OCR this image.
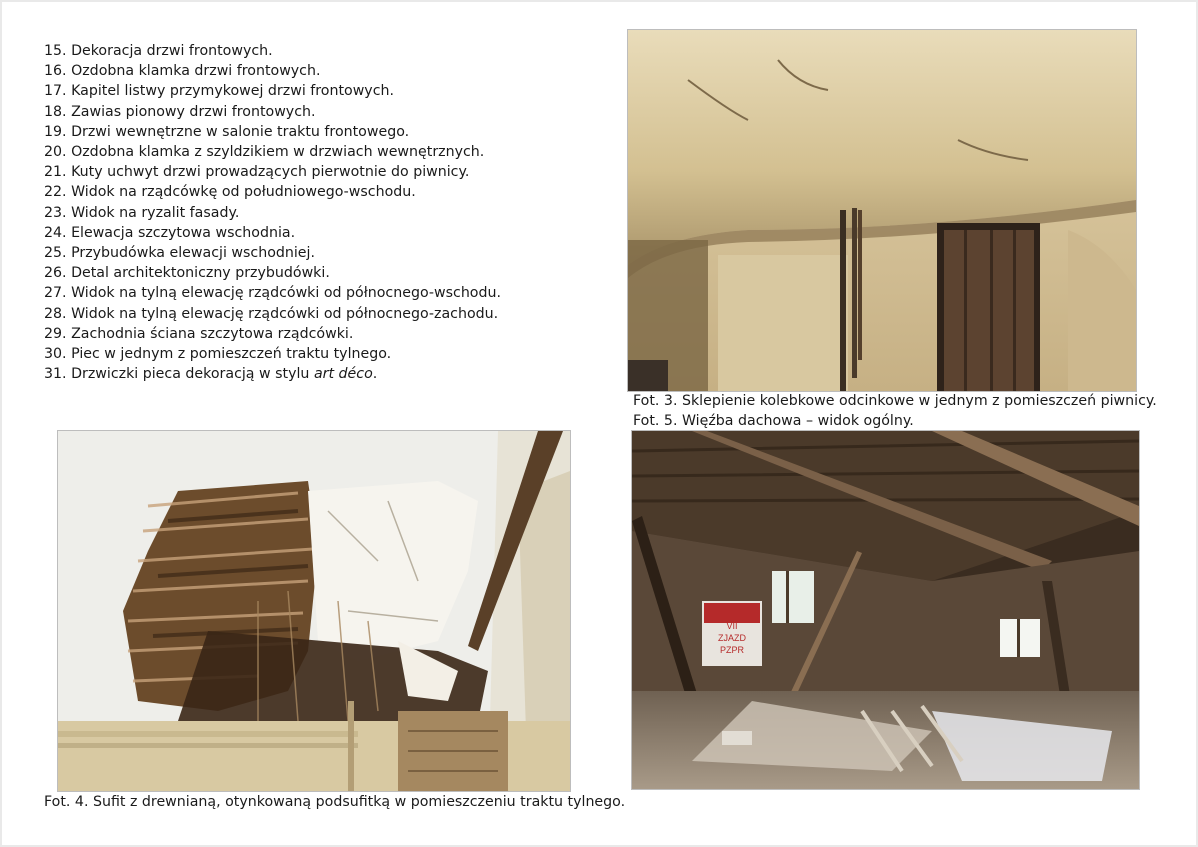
15. Dekoracja drzwi frontowych.
16. Ozdobna klamka drzwi frontowych.
17. Kapitel listwy przymykowej drzwi frontowych.
18. Zawias pionowy drzwi frontowych.
19. Drzwi wewnętrzne w salonie traktu frontowego.
20. Ozdobna klamka z szyldzikiem w drzwiach wewnętrznych.
21. Kuty uchwyt drzwi prowadzących pierwotnie do piwnicy.
22. Widok na rządcówkę od południowego-wschodu.
23. Widok na ryzalit fasady.
24. Elewacja szczytowa wschodnia.
25. Przybudówka elewacji wschodniej.
26. Detal architektoniczny przybudówki.
27. Widok na tylną elewację rządcówki od północnego-wschodu.
28. Widok na tylną elewację rządcówki od północnego-zachodu.
29. Zachodnia ściana szczytowa rządcówki.
30. Piec w jednym z pomieszczeń traktu tylnego.
31. Drzwiczki pieca dekoracją w stylu art déco.
Fot. 3. Sklepienie kolebkowe odcinkowe w jednym z pomieszczeń piwnicy.
Fot. 5. Więźba dachowa – widok ogólny.
Fot. 4. Sufit z drewnianą, otynkowaną podsufitką w pomieszczeniu traktu tylnego.
VII
ZJAZD
PZPR
